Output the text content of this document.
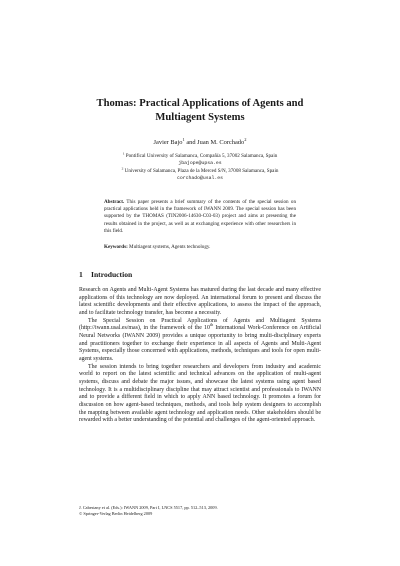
Thomas: Practical Applications of Agents and
Multiagent Systems
Javier Bajo$^1$ and Juan M. Corchado$^2$
$^1$ Pontifical University of Salamanca, Compañía 5, 37002 Salamanca, Spain
jbajope@upsa.es
$^2$ University of Salamanca, Plaza de la Merced S/N, 37008 Salamanca, Spain
corchado@usal.es

Abstract. This paper presents a brief summary of the contents of the special session on practical applications held in the framework of IWANN 2009. The special session has been supported by the THOMAS (TIN2006-14630-C03-03) project and aims at presenting the results obtained in the project, as well as at exchanging experience with other researchers in this field.

Keywords: Multiagent systems, Agents technology.

1 Introduction

Research on Agents and Multi-Agent Systems has matured during the last decade and many effective applications of this technology are now deployed. An international forum to present and discuss the latest scientific developments and their effective applications, to assess the impact of the approach, and to facilitate technology transfer, has become a necessity.

The Special Session on Practical Applications of Agents and Multiagent Systems (http://iwann.usal.es/mas), in the framework of the 10th International Work-Conference on Artificial Neural Networks (IWANN 2009) provides a unique opportunity to bring multi-disciplinary experts and practitioners together to exchange their experience in all aspects of Agents and Multi-Agent Systems, especially those concerned with applications, methods, techniques and tools for open multi-agent systems.

The session intends to bring together researchers and developers from industry and academic world to report on the latest scientific and technical advances on the application of multi-agent systems, discuss and debate the major issues, and showcase the latest systems using agent based technology. It is a multidisciplinary discipline that may attract scientist and professionals to IWANN and to provide a different field in which to apply ANN based technology. It promotes a forum for discussion on how agent-based techniques, methods, and tools help system designers to accomplish the mapping between available agent technology and application needs. Other stakeholders should be rewarded with a better understanding of the potential and challenges of the agent-oriented approach.

J. Cabestany et al. (Eds.): IWANN 2009, Part I, LNCS 5517, pp. 512–513, 2009.
© Springer-Verlag Berlin Heidelberg 2009
